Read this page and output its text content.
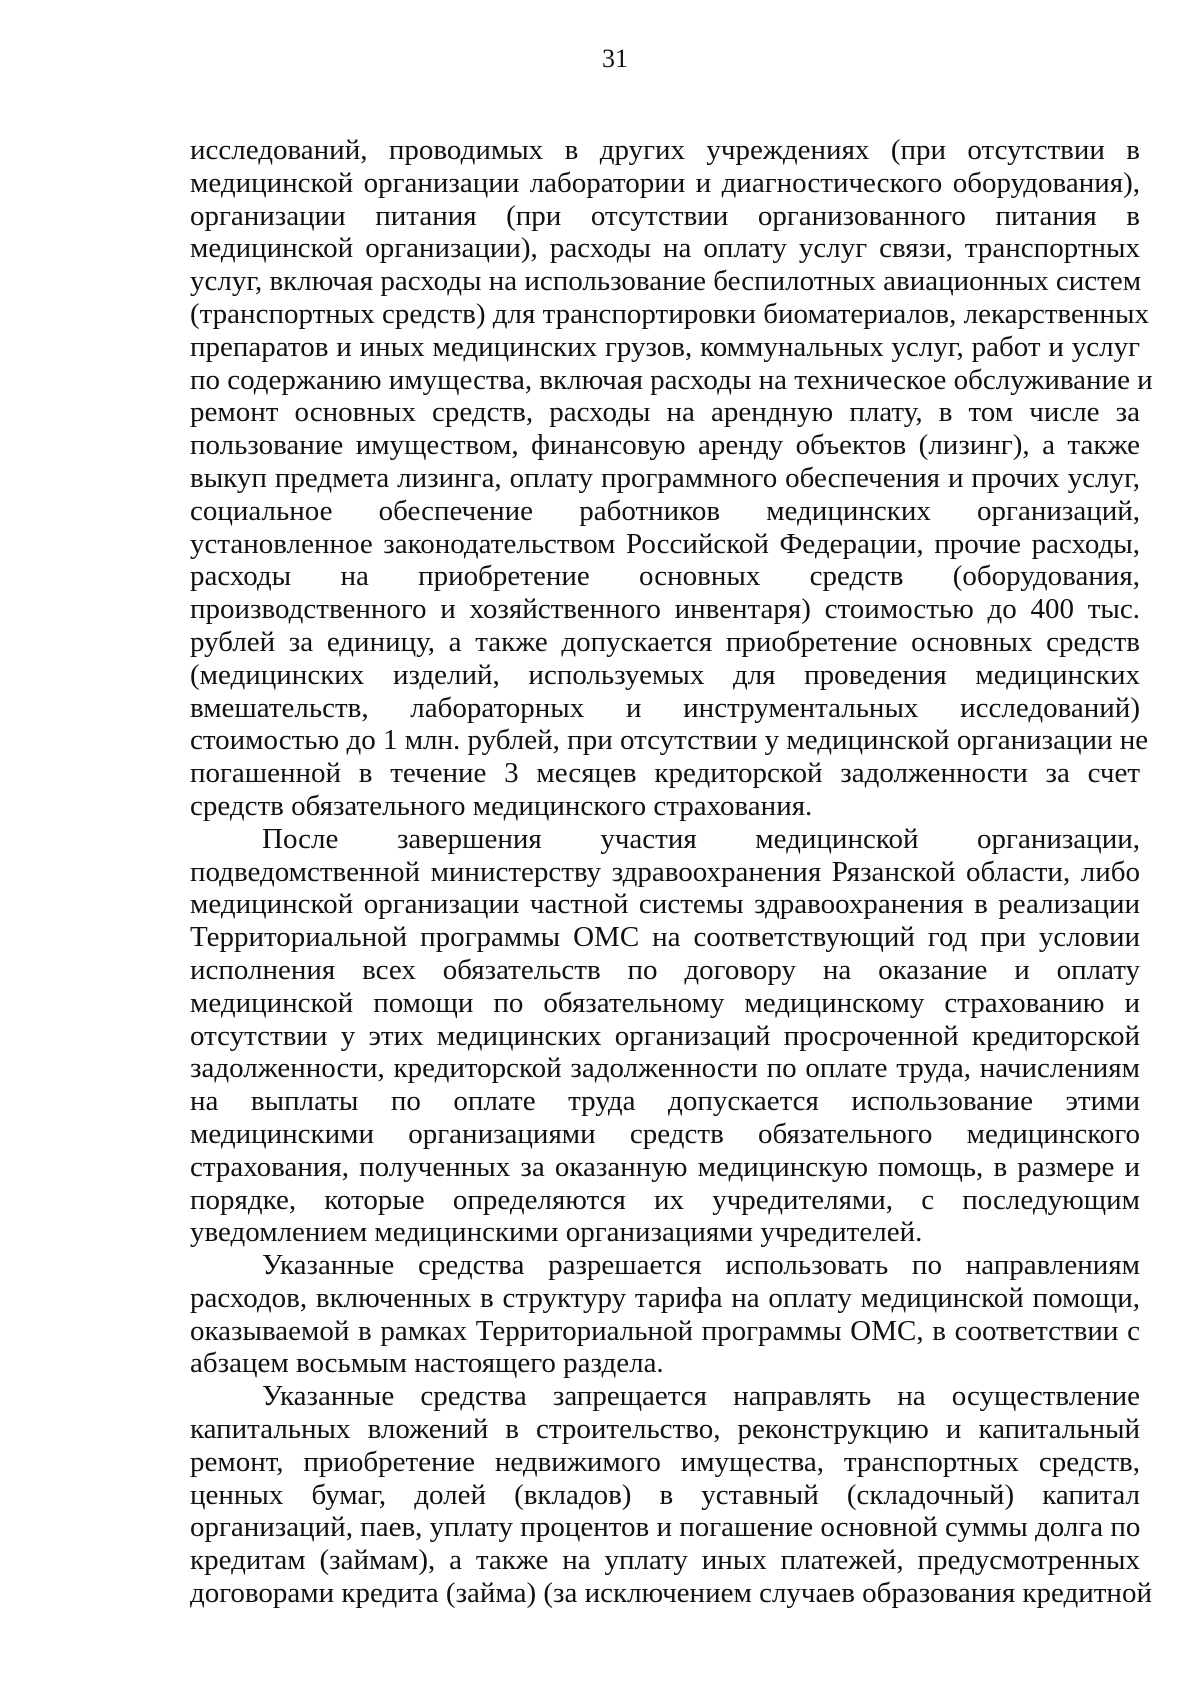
31
исследований, проводимых в других учреждениях (при отсутствии в
медицинской организации лаборатории и диагностического оборудования),
организации питания (при отсутствии организованного питания в
медицинской организации), расходы на оплату услуг связи, транспортных
услуг, включая расходы на использование беспилотных авиационных систем
(транспортных средств) для транспортировки биоматериалов, лекарственных
препаратов и иных медицинских грузов, коммунальных услуг, работ и услуг
по содержанию имущества, включая расходы на техническое обслуживание и
ремонт основных средств, расходы на арендную плату, в том числе за
пользование имуществом, финансовую аренду объектов (лизинг), а также
выкуп предмета лизинга, оплату программного обеспечения и прочих услуг,
социальное обеспечение работников медицинских организаций,
установленное законодательством Российской Федерации, прочие расходы,
расходы на приобретение основных средств (оборудования,
производственного и хозяйственного инвентаря) стоимостью до 400 тыс.
рублей за единицу, а также допускается приобретение основных средств
(медицинских изделий, используемых для проведения медицинских
вмешательств, лабораторных и инструментальных исследований)
стоимостью до 1 млн. рублей, при отсутствии у медицинской организации не
погашенной в течение 3 месяцев кредиторской задолженности за счет
средств обязательного медицинского страхования.
После завершения участия медицинской организации,
подведомственной министерству здравоохранения Рязанской области, либо
медицинской организации частной системы здравоохранения в реализации
Территориальной программы ОМС на соответствующий год при условии
исполнения всех обязательств по договору на оказание и оплату
медицинской помощи по обязательному медицинскому страхованию и
отсутствии у этих медицинских организаций просроченной кредиторской
задолженности, кредиторской задолженности по оплате труда, начислениям
на выплаты по оплате труда допускается использование этими
медицинскими организациями средств обязательного медицинского
страхования, полученных за оказанную медицинскую помощь, в размере и
порядке, которые определяются их учредителями, с последующим
уведомлением медицинскими организациями учредителей.
Указанные средства разрешается использовать по направлениям
расходов, включенных в структуру тарифа на оплату медицинской помощи,
оказываемой в рамках Территориальной программы ОМС, в соответствии с
абзацем восьмым настоящего раздела.
Указанные средства запрещается направлять на осуществление
капитальных вложений в строительство, реконструкцию и капитальный
ремонт, приобретение недвижимого имущества, транспортных средств,
ценных бумаг, долей (вкладов) в уставный (складочный) капитал
организаций, паев, уплату процентов и погашение основной суммы долга по
кредитам (займам), а также на уплату иных платежей, предусмотренных
договорами кредита (займа) (за исключением случаев образования кредитной
